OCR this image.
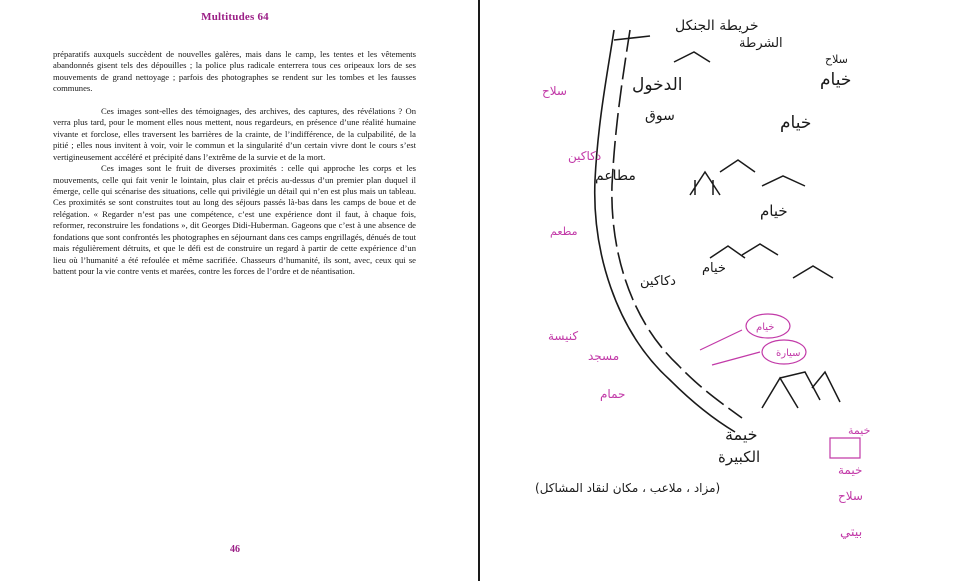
Multitudes 64

préparatifs auxquels succèdent de nouvelles galères, mais dans le camp, les tentes et les vêtements abandonnés gisent tels des dépouilles ; la police plus radicale enterrera tous ces oripeaux lors de ses mouvements de grand nettoyage ; parfois des photographes se rendent sur les tombes et les fausses communes.

Ces images sont-elles des témoignages, des archives, des captures, des révélations ? On verra plus tard, pour le moment elles nous mettent, nous regardeurs, en présence d’une réalité humaine vivante et forclose, elles traversent les barrières de la crainte, de l’indifférence, de la culpabilité, de la pitié ; elles nous invitent à voir, voir le commun et la singularité d’un certain vivre dont le cours s’est vertigineusement accéléré et précipité dans l’extrême de la survie et de la mort.

Ces images sont le fruit de diverses proximités : celle qui approche les corps et les mouvements, celle qui fait venir le lointain, plus clair et précis au-dessus d’un premier plan duquel il émerge, celle qui scénarise des situations, celle qui privilégie un détail qui n’en est plus mais un tableau. Ces proximités se sont construites tout au long des séjours passés là-bas dans les camps de boue et de relégation. « Regarder n’est pas une compétence, c’est une expérience dont il faut, à chaque fois, reformer, reconstruire les fondations », dit Georges Didi-Huberman. Gageons que c’est à une absence de fondations que sont confrontés les photographes en séjournant dans ces camps engrillagés, dénués de tout mais régulièrement détruits, et que le défi est de construire un regard à partir de cette expérience d’un lieu où l’humanité a été refoulée et même sacrifiée. Chasseurs d’humanité, ils sont, avec, ceux qui se battent pour la vie contre vents et marées, contre les forces de l’ordre et de néantisation.

46
خريطة الجنكل
الشرطة
سلاح
خيام
الدخول
سوق	خيام
مطاعم
خيام
خيام
دكاكين
خيمة
الكبيرة
(مزاد ، ملاعب ، مكان لنقاد المشاكل)
سلاح
دكاكين
مطعم
كنيسة
مسجد
حمام
خيام
سيارة
خيمة
خيمة
سلاح
بيتي
